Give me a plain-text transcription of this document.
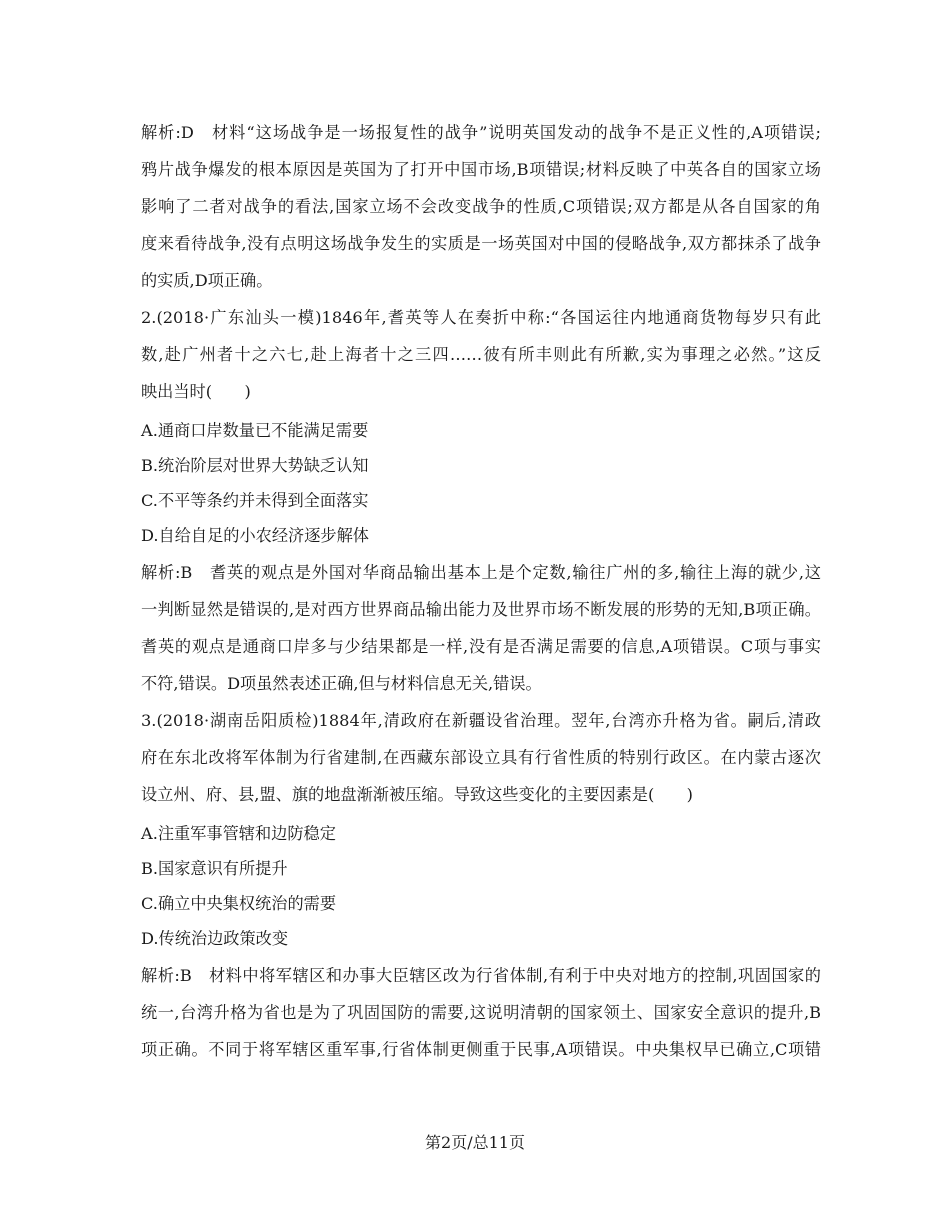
解析:D　材料“这场战争是一场报复性的战争”说明英国发动的战争不是正义性的,A项错误;
鸦片战争爆发的根本原因是英国为了打开中国市场,B项错误;材料反映了中英各自的国家立场
影响了二者对战争的看法,国家立场不会改变战争的性质,C项错误;双方都是从各自国家的角
度来看待战争,没有点明这场战争发生的实质是一场英国对中国的侵略战争,双方都抹杀了战争
的实质,D项正确。
2.(2018·广东汕头一模)1846年,耆英等人在奏折中称:“各国运往内地通商货物每岁只有此
数,赴广州者十之六七,赴上海者十之三四……彼有所丰则此有所歉,实为事理之必然。”这反
映出当时(　　)
A.通商口岸数量已不能满足需要
B.统治阶层对世界大势缺乏认知
C.不平等条约并未得到全面落实
D.自给自足的小农经济逐步解体
解析:B　耆英的观点是外国对华商品输出基本上是个定数,输往广州的多,输往上海的就少,这
一判断显然是错误的,是对西方世界商品输出能力及世界市场不断发展的形势的无知,B项正确。
耆英的观点是通商口岸多与少结果都是一样,没有是否满足需要的信息,A项错误。C项与事实
不符,错误。D项虽然表述正确,但与材料信息无关,错误。
3.(2018·湖南岳阳质检)1884年,清政府在新疆设省治理。翌年,台湾亦升格为省。嗣后,清政
府在东北改将军体制为行省建制,在西藏东部设立具有行省性质的特别行政区。在内蒙古逐次
设立州、府、县,盟、旗的地盘渐渐被压缩。导致这些变化的主要因素是(　　)
A.注重军事管辖和边防稳定
B.国家意识有所提升
C.确立中央集权统治的需要
D.传统治边政策改变
解析:B　材料中将军辖区和办事大臣辖区改为行省体制,有利于中央对地方的控制,巩固国家的
统一,台湾升格为省也是为了巩固国防的需要,这说明清朝的国家领土、国家安全意识的提升,B
项正确。不同于将军辖区重军事,行省体制更侧重于民事,A项错误。中央集权早已确立,C项错
第2页/总11页
